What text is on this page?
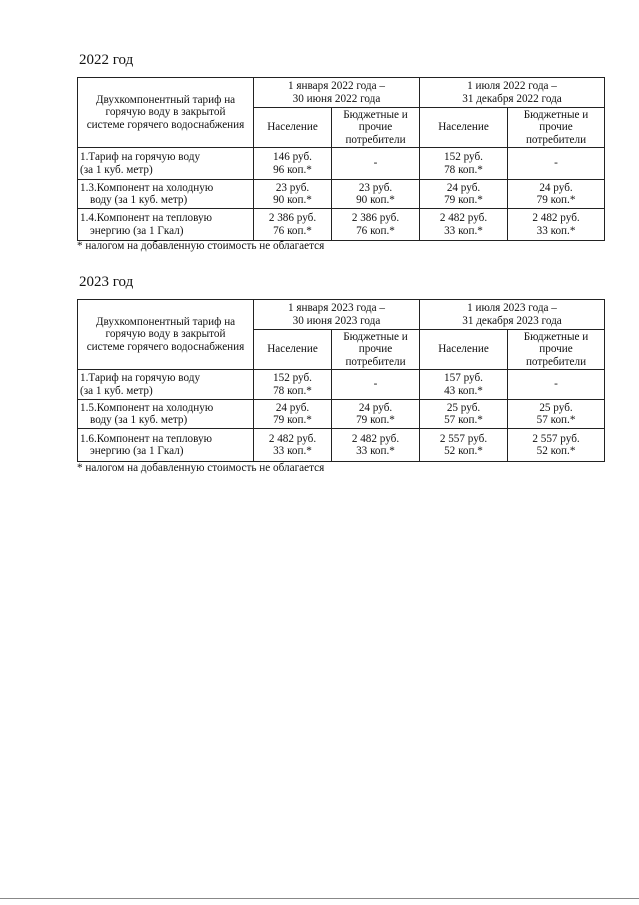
2022 год
Двухкомпонентный тариф на
горячую воду в закрытой
системе горячего водоснабжения	1 января 2022 года –
30 июня 2022 года		1 июля 2022 года –
31 декабря 2022 года	

	Население	Бюджетные и
прочие
потребители	Население	Бюджетные и
прочие
потребители

1.Тариф на горячую воду
(за 1 куб. метр)	146 руб.
96 коп.*	-	152 руб.
78 коп.*	-

1.3.Компонент на холодную
воду (за 1 куб. метр)	23 руб.
90 коп.*	23 руб.
90 коп.*	24 руб.
79 коп.*	24 руб.
79 коп.*

1.4.Компонент на тепловую
энергию (за 1 Гкал)	2 386 руб.
76 коп.*	2 386 руб.
76 коп.*	2 482 руб.
33 коп.*	2 482 руб.
33 коп.*
* налогом на добавленную стоимость не облагается
2023 год
Двухкомпонентный тариф на
горячую воду в закрытой
системе горячего водоснабжения	1 января 2023 года –
30 июня 2023 года		1 июля 2023 года –
31 декабря 2023 года	

	Население	Бюджетные и
прочие
потребители	Население	Бюджетные и
прочие
потребители

1.Тариф на горячую воду
(за 1 куб. метр)	152 руб.
78 коп.*	-	157 руб.
43 коп.*	-

1.5.Компонент на холодную
воду (за 1 куб. метр)	24 руб.
79 коп.*	24 руб.
79 коп.*	25 руб.
57 коп.*	25 руб.
57 коп.*

1.6.Компонент на тепловую
энергию (за 1 Гкал)	2 482 руб.
33 коп.*	2 482 руб.
33 коп.*	2 557 руб.
52 коп.*	2 557 руб.
52 коп.*
* налогом на добавленную стоимость не облагается
